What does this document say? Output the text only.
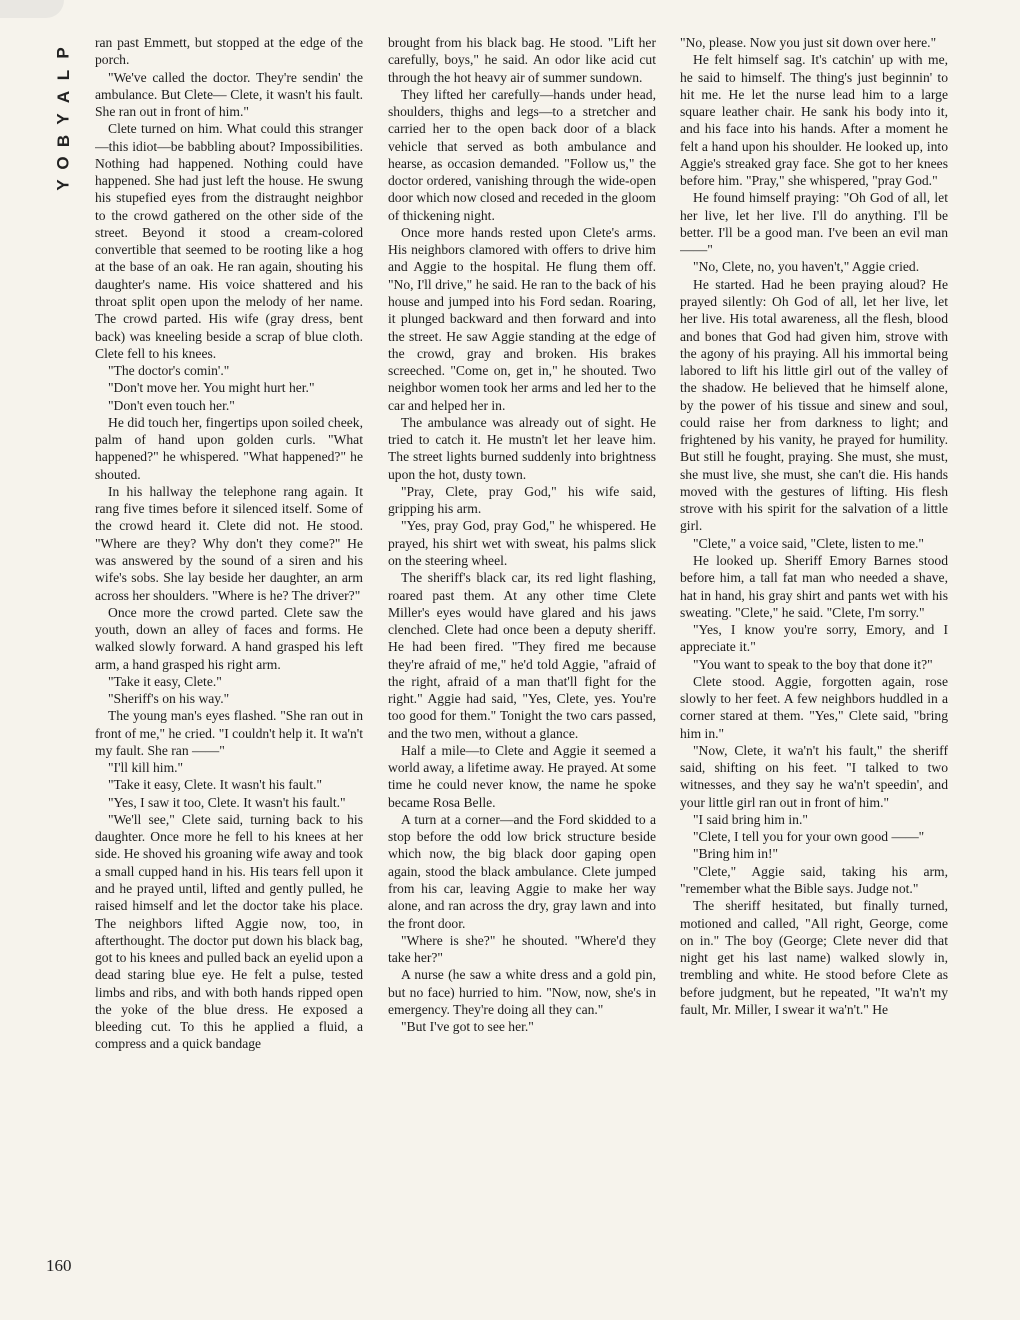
P
L
A
Y
B
O
Y
160

ran past Emmett, but stopped at the edge of the porch.

"We've called the doctor. They're sendin' the ambulance. But Clete— Clete, it wasn't his fault. She ran out in front of him."

Clete turned on him. What could this stranger—this idiot—be babbling about? Impossibilities. Nothing had happened. Nothing could have happened. She had just left the house. He swung his stupefied eyes from the distraught neighbor to the crowd gathered on the other side of the street. Beyond it stood a cream-colored convertible that seemed to be rooting like a hog at the base of an oak. He ran again, shouting his daughter's name. His voice shattered and his throat split open upon the melody of her name. The crowd parted. His wife (gray dress, bent back) was kneeling beside a scrap of blue cloth. Clete fell to his knees.

"The doctor's comin'."

"Don't move her. You might hurt her."

"Don't even touch her."

He did touch her, fingertips upon soiled cheek, palm of hand upon golden curls. "What happened?" he whispered. "What happened?" he shouted.

In his hallway the telephone rang again. It rang five times before it silenced itself. Some of the crowd heard it. Clete did not. He stood. "Where are they? Why don't they come?" He was answered by the sound of a siren and his wife's sobs. She lay beside her daughter, an arm across her shoulders. "Where is he? The driver?"

Once more the crowd parted. Clete saw the youth, down an alley of faces and forms. He walked slowly forward. A hand grasped his left arm, a hand grasped his right arm.

"Take it easy, Clete."

"Sheriff's on his way."

The young man's eyes flashed. "She ran out in front of me," he cried. "I couldn't help it. It wa'n't my fault. She ran ——"

"I'll kill him."

"Take it easy, Clete. It wasn't his fault."

"Yes, I saw it too, Clete. It wasn't his fault."

"We'll see," Clete said, turning back to his daughter. Once more he fell to his knees at her side. He shoved his groaning wife away and took a small cupped hand in his. His tears fell upon it and he prayed until, lifted and gently pulled, he raised himself and let the doctor take his place. The neighbors lifted Aggie now, too, in afterthought. The doctor put down his black bag, got to his knees and pulled back an eyelid upon a dead staring blue eye. He felt a pulse, tested limbs and ribs, and with both hands ripped open the yoke of the blue dress. He exposed a bleeding cut. To this he applied a fluid, a compress and a quick bandage

brought from his black bag. He stood. "Lift her carefully, boys," he said. An odor like acid cut through the hot heavy air of summer sundown.

They lifted her carefully—hands under head, shoulders, thighs and legs—to a stretcher and carried her to the open back door of a black vehicle that served as both ambulance and hearse, as occasion demanded. "Follow us," the doctor ordered, vanishing through the wide-open door which now closed and receded in the gloom of thickening night.

Once more hands rested upon Clete's arms. His neighbors clamored with offers to drive him and Aggie to the hospital. He flung them off. "No, I'll drive," he said. He ran to the back of his house and jumped into his Ford sedan. Roaring, it plunged backward and then forward and into the street. He saw Aggie standing at the edge of the crowd, gray and broken. His brakes screeched. "Come on, get in," he shouted. Two neighbor women took her arms and led her to the car and helped her in.

The ambulance was already out of sight. He tried to catch it. He mustn't let her leave him. The street lights burned suddenly into brightness upon the hot, dusty town.

"Pray, Clete, pray God," his wife said, gripping his arm.

"Yes, pray God, pray God," he whispered. He prayed, his shirt wet with sweat, his palms slick on the steering wheel.

The sheriff's black car, its red light flashing, roared past them. At any other time Clete Miller's eyes would have glared and his jaws clenched. Clete had once been a deputy sheriff. He had been fired. "They fired me because they're afraid of me," he'd told Aggie, "afraid of the right, afraid of a man that'll fight for the right." Aggie had said, "Yes, Clete, yes. You're too good for them." Tonight the two cars passed, and the two men, without a glance.

Half a mile—to Clete and Aggie it seemed a world away, a lifetime away. He prayed. At some time he could never know, the name he spoke became Rosa Belle.

A turn at a corner—and the Ford skidded to a stop before the odd low brick structure beside which now, the big black door gaping open again, stood the black ambulance. Clete jumped from his car, leaving Aggie to make her way alone, and ran across the dry, gray lawn and into the front door.

"Where is she?" he shouted. "Where'd they take her?"

A nurse (he saw a white dress and a gold pin, but no face) hurried to him. "Now, now, she's in emergency. They're doing all they can."

"But I've got to see her."

"No, please. Now you just sit down over here."

He felt himself sag. It's catchin' up with me, he said to himself. The thing's just beginnin' to hit me. He let the nurse lead him to a large square leather chair. He sank his body into it, and his face into his hands. After a moment he felt a hand upon his shoulder. He looked up, into Aggie's streaked gray face. She got to her knees before him. "Pray," she whispered, "pray God."

He found himself praying: "Oh God of all, let her live, let her live. I'll do anything. I'll be better. I'll be a good man. I've been an evil man ——"

"No, Clete, no, you haven't," Aggie cried.

He started. Had he been praying aloud? He prayed silently: Oh God of all, let her live, let her live. His total awareness, all the flesh, blood and bones that God had given him, strove with the agony of his praying. All his immortal being labored to lift his little girl out of the valley of the shadow. He believed that he himself alone, by the power of his tissue and sinew and soul, could raise her from darkness to light; and frightened by his vanity, he prayed for humility. But still he fought, praying. She must, she must, she must live, she must, she can't die. His hands moved with the gestures of lifting. His flesh strove with his spirit for the salvation of a little girl.

"Clete," a voice said, "Clete, listen to me."

He looked up. Sheriff Emory Barnes stood before him, a tall fat man who needed a shave, hat in hand, his gray shirt and pants wet with his sweating. "Clete," he said. "Clete, I'm sorry."

"Yes, I know you're sorry, Emory, and I appreciate it."

"You want to speak to the boy that done it?"

Clete stood. Aggie, forgotten again, rose slowly to her feet. A few neighbors huddled in a corner stared at them. "Yes," Clete said, "bring him in."

"Now, Clete, it wa'n't his fault," the sheriff said, shifting on his feet. "I talked to two witnesses, and they say he wa'n't speedin', and your little girl ran out in front of him."

"I said bring him in."

"Clete, I tell you for your own good ——"

"Bring him in!"

"Clete," Aggie said, taking his arm, "remember what the Bible says. Judge not."

The sheriff hesitated, but finally turned, motioned and called, "All right, George, come on in." The boy (George; Clete never did that night get his last name) walked slowly in, trembling and white. He stood before Clete as before judgment, but he repeated, "It wa'n't my fault, Mr. Miller, I swear it wa'n't." He
